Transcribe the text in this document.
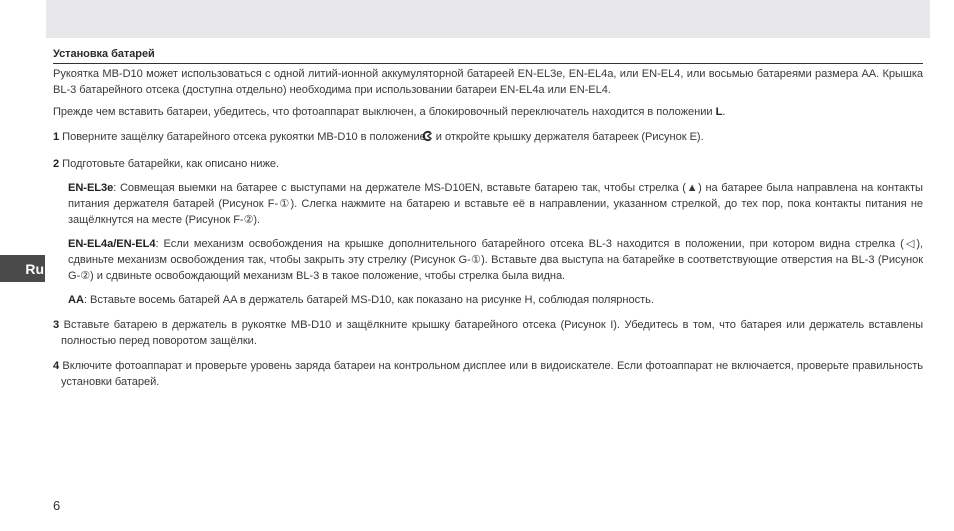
Ru
Установка батарей

Рукоятка MB-D10 может использоваться с одной литий-ионной аккумуляторной батареей EN-EL3e, EN-EL4a, или EN-EL4, или восьмью батареями размера AA. Крышка BL-3 батарейного отсека (доступна отдельно) необходима при использовании батареи EN-EL4a или EN-EL4.

Прежде чем вставить батареи, убедитесь, что фотоаппарат выключен, а блокировочный переключатель находится в положении L.

1 Поверните защёлку батарейного отсека рукоятки MB-D10 в положение  и откройте крышку держателя батареек (Рисунок E).

2 Подготовьте батарейки, как описано ниже.

EN-EL3e: Совмещая выемки на батарее с выступами на держателе MS-D10EN, вставьте батарею так, чтобы стрелка (▲) на батарее была направлена на контакты питания держателя батарей (Рисунок F-①). Слегка нажмите на батарею и вставьте её в направлении, указанном стрелкой, до тех пор, пока контакты питания не защёлкнутся на месте (Рисунок F-②).

EN-EL4a/EN-EL4: Если механизм освобождения на крышке дополнительного батарейного отсека BL-3 находится в положении, при котором видна стрелка (◁), сдвиньте механизм освобождения так, чтобы закрыть эту стрелку (Рисунок G-①). Вставьте два выступа на батарейке в соответствующие отверстия на BL-3 (Рисунок G-②) и сдвиньте освобождающий механизм BL-3 в такое положение, чтобы стрелка была видна.

AA: Вставьте восемь батарей AA в держатель батарей MS-D10, как показано на рисунке H, соблюдая полярность.

3 Вставьте батарею в держатель в рукоятке MB-D10 и защёлкните крышку батарейного отсека (Рисунок I). Убедитесь в том, что батарея или держатель вставлены полностью перед поворотом защёлки.

4 Включите фотоаппарат и проверьте уровень заряда батареи на контрольном дисплее или в видоискателе. Если фотоаппарат не включается, проверьте правильность установки батарей.

6
